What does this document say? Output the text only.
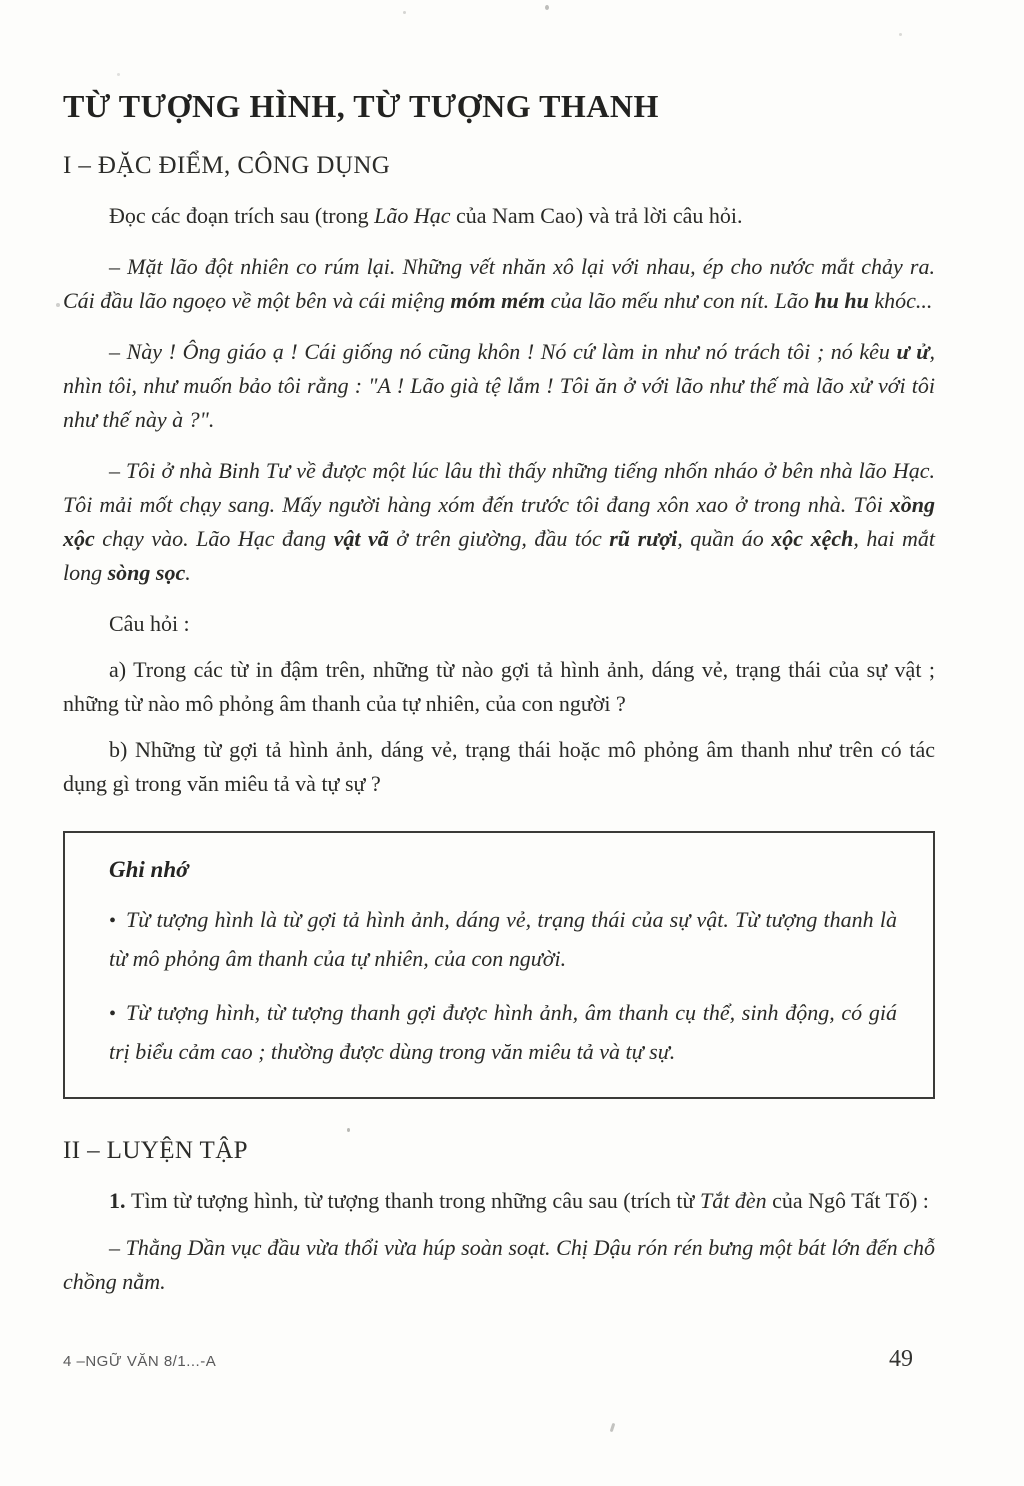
TỪ TƯỢNG HÌNH, TỪ TƯỢNG THANH
I – ĐẶC ĐIỂM, CÔNG DỤNG

Đọc các đoạn trích sau (trong Lão Hạc của Nam Cao) và trả lời câu hỏi.

– Mặt lão đột nhiên co rúm lại. Những vết nhăn xô lại với nhau, ép cho nước mắt chảy ra. Cái đầu lão ngoẹo về một bên và cái miệng móm mém của lão mếu như con nít. Lão hu hu khóc...

– Này ! Ông giáo ạ ! Cái giống nó cũng khôn ! Nó cứ làm in như nó trách tôi ; nó kêu ư ử, nhìn tôi, như muốn bảo tôi rằng : "A ! Lão già tệ lắm ! Tôi ăn ở với lão như thế mà lão xử với tôi như thế này à ?".

– Tôi ở nhà Binh Tư về được một lúc lâu thì thấy những tiếng nhốn nháo ở bên nhà lão Hạc. Tôi mải mốt chạy sang. Mấy người hàng xóm đến trước tôi đang xôn xao ở trong nhà. Tôi xồng xộc chạy vào. Lão Hạc đang vật vã ở trên giường, đầu tóc rũ rượi, quần áo xộc xệch, hai mắt long sòng sọc.

Câu hỏi :

a) Trong các từ in đậm trên, những từ nào gợi tả hình ảnh, dáng vẻ, trạng thái của sự vật ; những từ nào mô phỏng âm thanh của tự nhiên, của con người ?

b) Những từ gợi tả hình ảnh, dáng vẻ, trạng thái hoặc mô phỏng âm thanh như trên có tác dụng gì trong văn miêu tả và tự sự ?

Ghi nhớ

• Từ tượng hình là từ gợi tả hình ảnh, dáng vẻ, trạng thái của sự vật. Từ tượng thanh là từ mô phỏng âm thanh của tự nhiên, của con người.

• Từ tượng hình, từ tượng thanh gợi được hình ảnh, âm thanh cụ thể, sinh động, có giá trị biểu cảm cao ; thường được dùng trong văn miêu tả và tự sự.

II – LUYỆN TẬP

1. Tìm từ tượng hình, từ tượng thanh trong những câu sau (trích từ Tắt đèn của Ngô Tất Tố) :

– Thằng Dần vục đầu vừa thổi vừa húp soàn soạt. Chị Dậu rón rén bưng một bát lớn đến chỗ chồng nằm.

4 –NGỮ VĂN 8/1...-A	49
